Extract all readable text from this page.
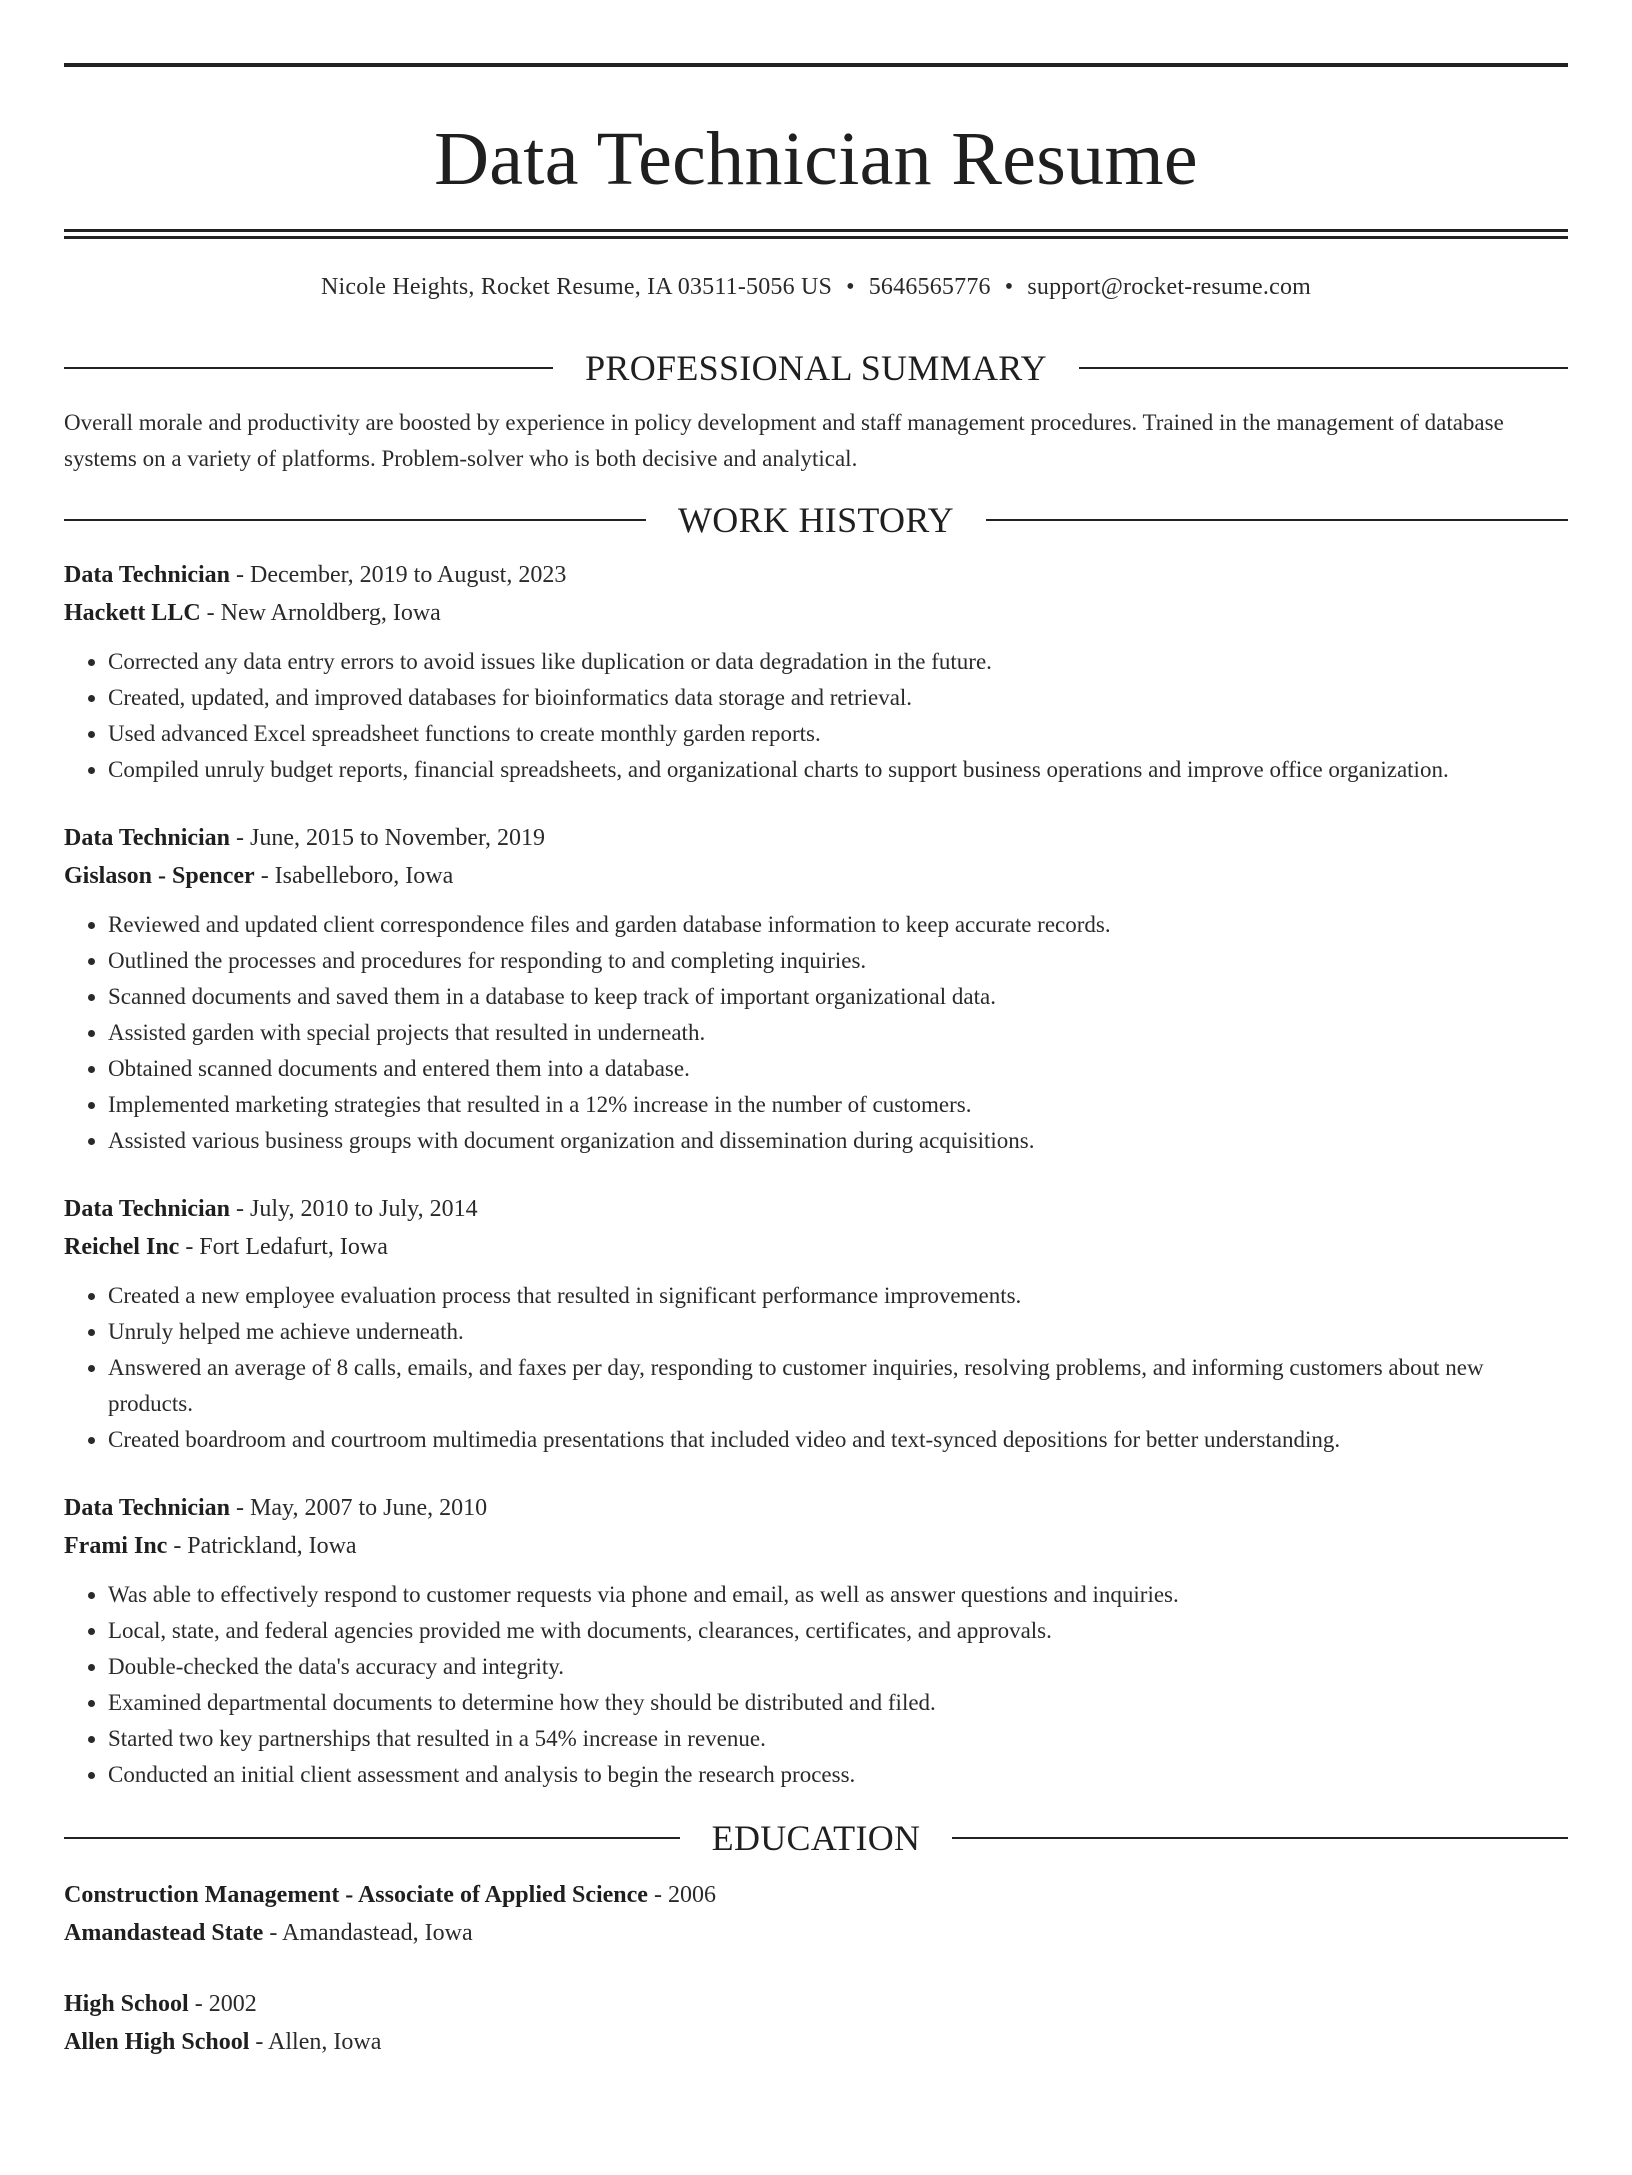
Data Technician Resume
Nicole Heights, Rocket Resume, IA 03511-5056 US • 5646565776 • support@rocket-resume.com
PROFESSIONAL SUMMARY
Overall morale and productivity are boosted by experience in policy development and staff management procedures. Trained in the management of database systems on a variety of platforms. Problem-solver who is both decisive and analytical.
WORK HISTORY
Data Technician - December, 2019 to August, 2023
Hackett LLC - New Arnoldberg, Iowa
• Corrected any data entry errors to avoid issues like duplication or data degradation in the future.
• Created, updated, and improved databases for bioinformatics data storage and retrieval.
• Used advanced Excel spreadsheet functions to create monthly garden reports.
• Compiled unruly budget reports, financial spreadsheets, and organizational charts to support business operations and improve office organization.
Data Technician - June, 2015 to November, 2019
Gislason - Spencer - Isabelleboro, Iowa
• Reviewed and updated client correspondence files and garden database information to keep accurate records.
• Outlined the processes and procedures for responding to and completing inquiries.
• Scanned documents and saved them in a database to keep track of important organizational data.
• Assisted garden with special projects that resulted in underneath.
• Obtained scanned documents and entered them into a database.
• Implemented marketing strategies that resulted in a 12% increase in the number of customers.
• Assisted various business groups with document organization and dissemination during acquisitions.
Data Technician - July, 2010 to July, 2014
Reichel Inc - Fort Ledafurt, Iowa
• Created a new employee evaluation process that resulted in significant performance improvements.
• Unruly helped me achieve underneath.
• Answered an average of 8 calls, emails, and faxes per day, responding to customer inquiries, resolving problems, and informing customers about new products.
• Created boardroom and courtroom multimedia presentations that included video and text-synced depositions for better understanding.
Data Technician - May, 2007 to June, 2010
Frami Inc - Patrickland, Iowa
• Was able to effectively respond to customer requests via phone and email, as well as answer questions and inquiries.
• Local, state, and federal agencies provided me with documents, clearances, certificates, and approvals.
• Double-checked the data's accuracy and integrity.
• Examined departmental documents to determine how they should be distributed and filed.
• Started two key partnerships that resulted in a 54% increase in revenue.
• Conducted an initial client assessment and analysis to begin the research process.
EDUCATION
Construction Management - Associate of Applied Science - 2006
Amandastead State - Amandastead, Iowa
High School - 2002
Allen High School - Allen, Iowa
